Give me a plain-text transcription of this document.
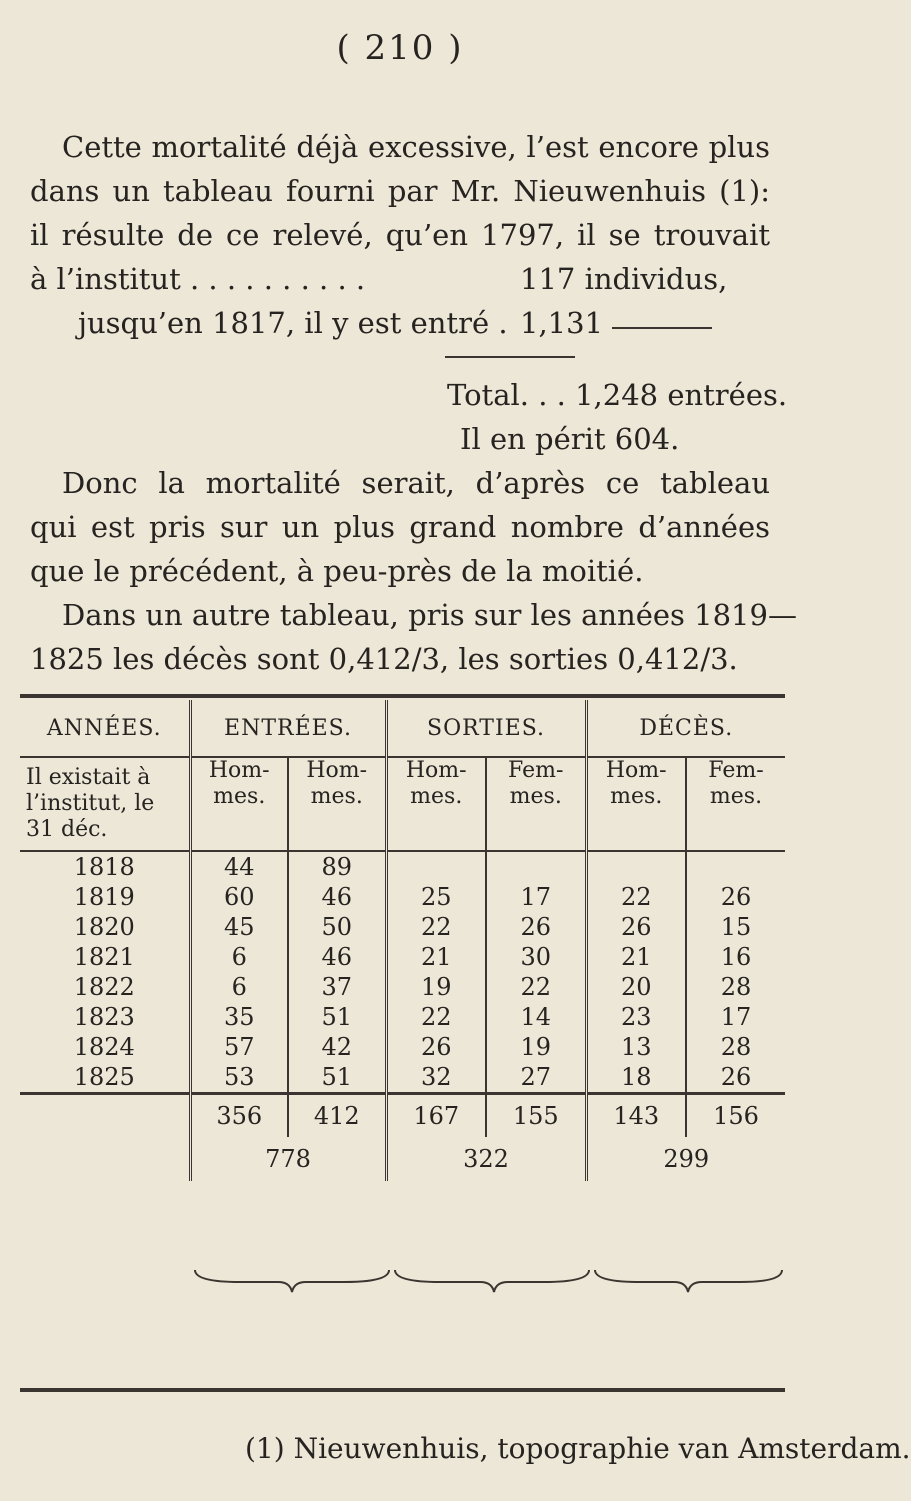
( 210 )
Cette mortalité déjà excessive, l’est encore plus
dans un tableau fourni par Mr. Nieuwenhuis (1):
il résulte de ce relevé, qu’en 1797, il se trouvait
à l’institut . . . . . . . . . .	117 individus,
jusqu’en 1817, il y est entré . 1,131
Total. . . 1,248 entrées.
Il en périt 604.
Donc la mortalité serait, d’après ce tableau
qui est pris sur un plus grand nombre d’années
que le précédent, à peu-près de la moitié.
Dans un autre tableau, pris sur les années 1819—
1825 les décès sont 0,412/3, les sorties 0,412/3.
ANNÉES.	ENTRÉES.		SORTIES.		DÉCÈS.	
Il existait à l’institut, le 31 déc.	Hom-mes.	Hom-mes.	Hom-mes.	Fem-mes.	Hom-mes.	Fem-mes.

1818	44	89				
1819	60	46	25	17	22	26
1820	45	50	22	26	26	15
1821	6	46	21	30	21	16
1822	6	37	19	22	20	28
1823	35	51	22	14	23	17
1824	57	42	26	19	13	28
1825	53	51	32	27	18	26
	356	412	167	155	143	156
	778		322		299	
(1) Nieuwenhuis, topographie van Amsterdam.
